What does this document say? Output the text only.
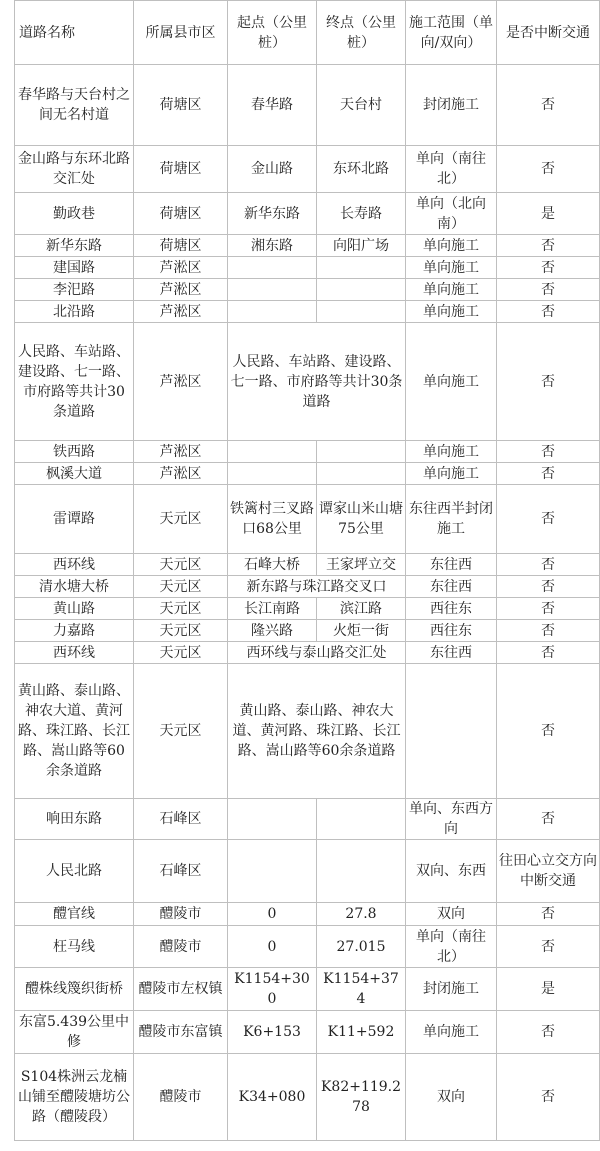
道路名称	所属县市区	起点（公里桩）	终点（公里桩）	施工范围（单向/双向）	是否中断交通
春华路与天台村之间无名村道	荷塘区	春华路	天台村	封闭施工	否
金山路与东环北路交汇处	荷塘区	金山路	东环北路	单向（南往北）	否
勤政巷	荷塘区	新华东路	长寿路	单向（北向南）	是
新华东路	荷塘区	湘东路	向阳广场	单向施工	否
建国路	芦淞区			单向施工	否
李汜路	芦淞区			单向施工	否
北沿路	芦淞区			单向施工	否
人民路、车站路、建设路、七一路、市府路等共计30条道路	芦淞区	人民路、车站路、建设路、七一路、市府路等共计30条道路		单向施工	否
铁西路	芦淞区			单向施工	否
枫溪大道	芦淞区			单向施工	否
雷谭路	天元区	铁篱村三叉路口68公里	谭家山米山塘75公里	东往西半封闭施工	否
西环线	天元区	石峰大桥	王家坪立交	东往西	否
清水塘大桥	天元区	新东路与珠江路交叉口		东往西	否
黄山路	天元区	长江南路	滨江路	西往东	否
力嘉路	天元区	隆兴路	火炬一街	西往东	否
西环线	天元区	西环线与泰山路交汇处		东往西	否
黄山路、泰山路、神农大道、黄河路、珠江路、长江路、嵩山路等60余条道路	天元区	黄山路、泰山路、神农大道、黄河路、珠江路、长江路、嵩山路等60余条道路			否
响田东路	石峰区			单向、东西方向	否
人民北路	石峰区			双向、东西	往田心立交方向中断交通
醴官线	醴陵市	0	27.8	双向	否
枉马线	醴陵市	0	27.015	单向（南往北）	否
醴株线篾织街桥	醴陵市左权镇	K1154+300	K1154+374	封闭施工	是
东富5.439公里中修	醴陵市东富镇	K6+153	K11+592	单向施工	否
S104株洲云龙楠山铺至醴陵塘坊公路（醴陵段）	醴陵市	K34+080	K82+119.278	双向	否
